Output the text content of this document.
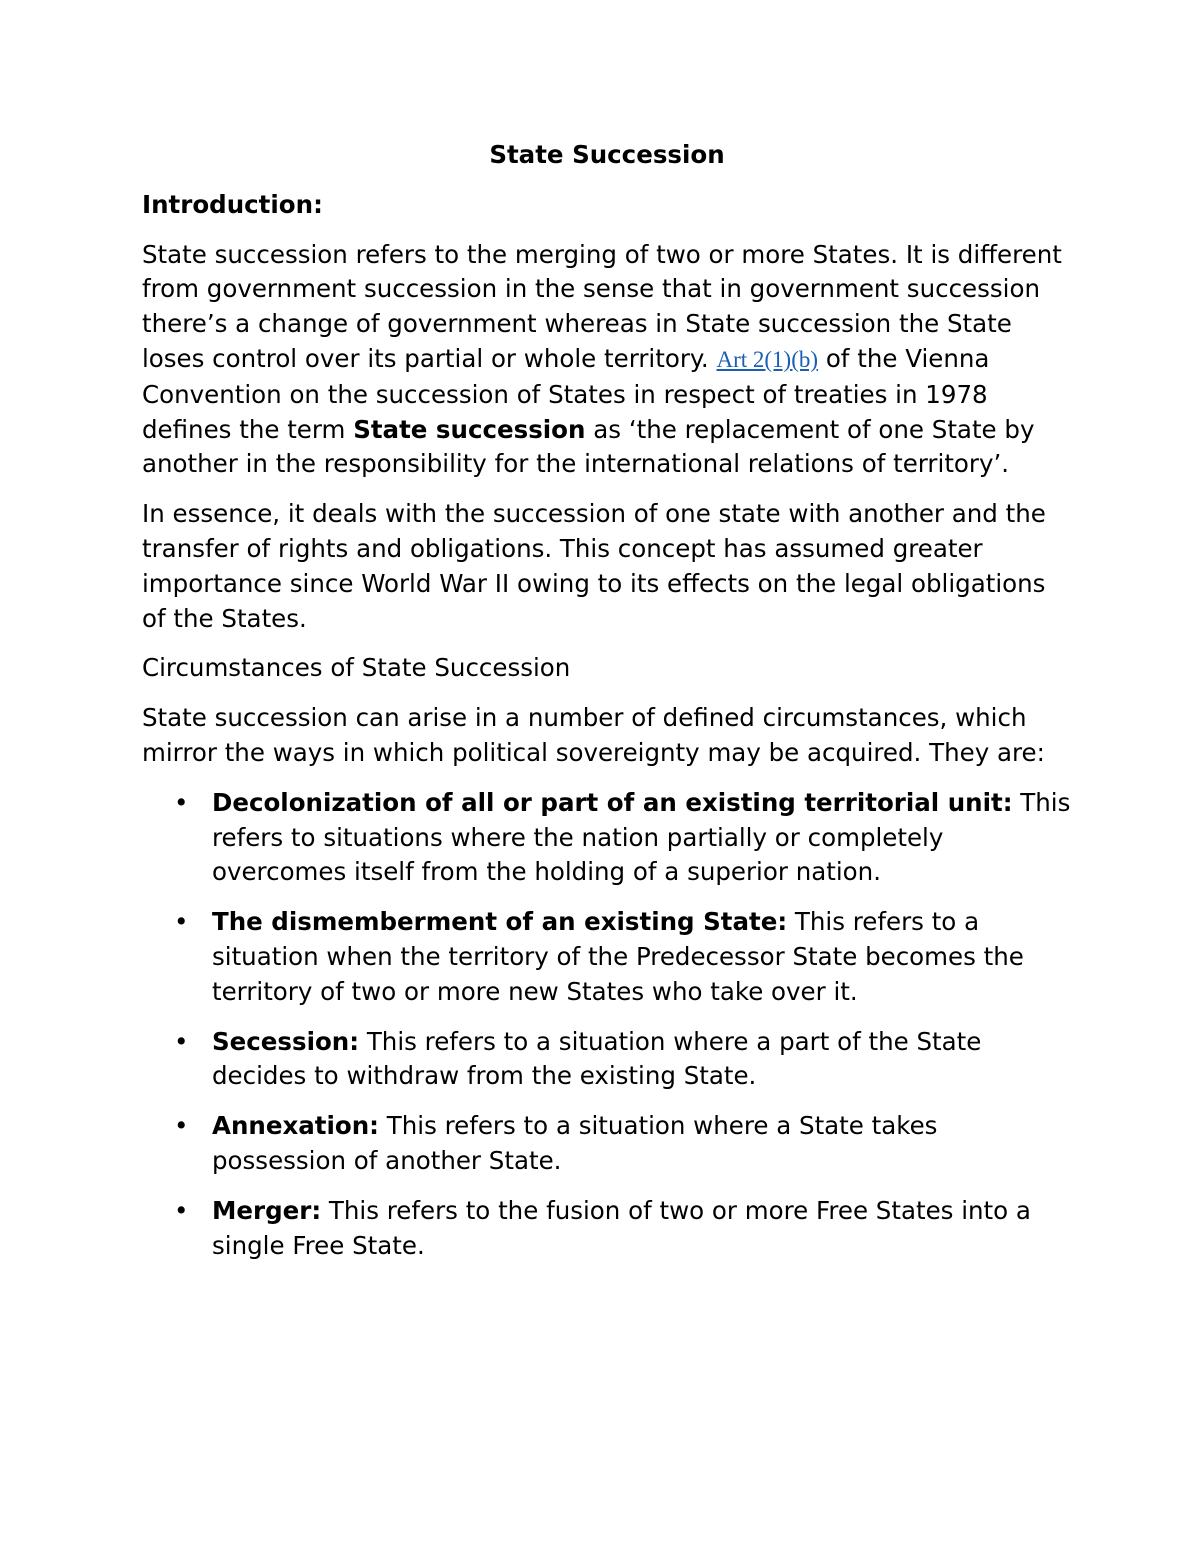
State Succession
Introduction:

State succession refers to the merging of two or more States. It is different from government succession in the sense that in government succession there’s a change of government whereas in State succession the State loses control over its partial or whole territory. Art 2(1)(b) of the Vienna Convention on the succession of States in respect of treaties in 1978 defines the term State succession as ‘the replacement of one State by another in the responsibility for the international relations of territory’.

In essence, it deals with the succession of one state with another and the transfer of rights and obligations. This concept has assumed greater importance since World War II owing to its effects on the legal obligations of the States.

Circumstances of State Succession

State succession can arise in a number of defined circumstances, which mirror the ways in which political sovereignty may be acquired. They are:

• Decolonization of all or part of an existing territorial unit: This refers to situations where the nation partially or completely overcomes itself from the holding of a superior nation.
• The dismemberment of an existing State: This refers to a situation when the territory of the Predecessor State becomes the territory of two or more new States who take over it.
• Secession: This refers to a situation where a part of the State decides to withdraw from the existing State.
• Annexation: This refers to a situation where a State takes possession of another State.
• Merger: This refers to the fusion of two or more Free States into a single Free State.
